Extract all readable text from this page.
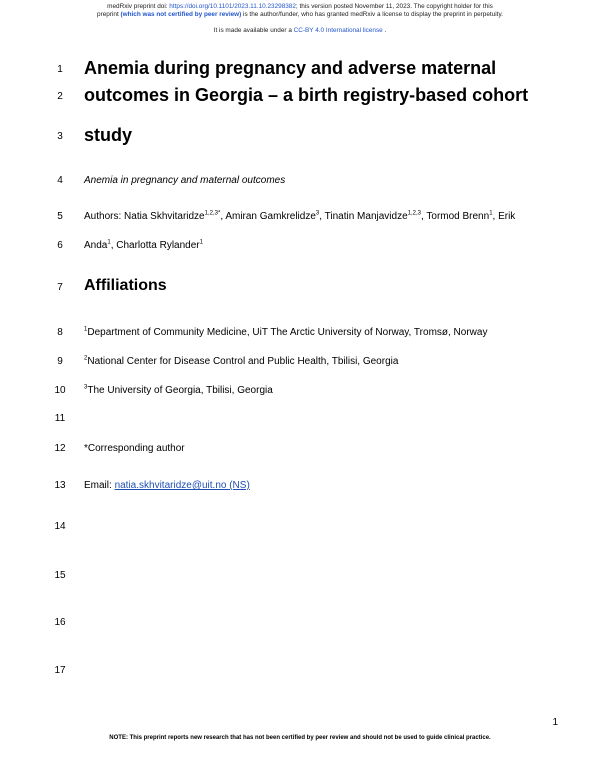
medRxiv preprint doi: https://doi.org/10.1101/2023.11.10.23298382; this version posted November 11, 2023. The copyright holder for this
preprint (which was not certified by peer review) is the author/funder, who has granted medRxiv a license to display the preprint in perpetuity.
It is made available under a CC-BY 4.0 International license .
1
2
3
4
5
6
7
8
9
10
11
12
13
14
15
16
17
Anemia during pregnancy and adverse maternal
outcomes in Georgia – a birth registry-based cohort
study
Anemia in pregnancy and maternal outcomes
Authors: Natia Skhvitaridze$^{1,2,3*}$, Amiran Gamkrelidze$^3$, Tinatin Manjavidze$^{1,2,3}$, Tormod Brenn$^1$, Erik
Anda$^1$, Charlotta Rylander$^1$
Affiliations
$^1$Department of Community Medicine, UiT The Arctic University of Norway, Tromsø, Norway
$^2$National Center for Disease Control and Public Health, Tbilisi, Georgia
$^3$The University of Georgia, Tbilisi, Georgia
*Corresponding author
Email: natia.skhvitaridze@uit.no (NS)
1
NOTE: This preprint reports new research that has not been certified by peer review and should not be used to guide clinical practice.
